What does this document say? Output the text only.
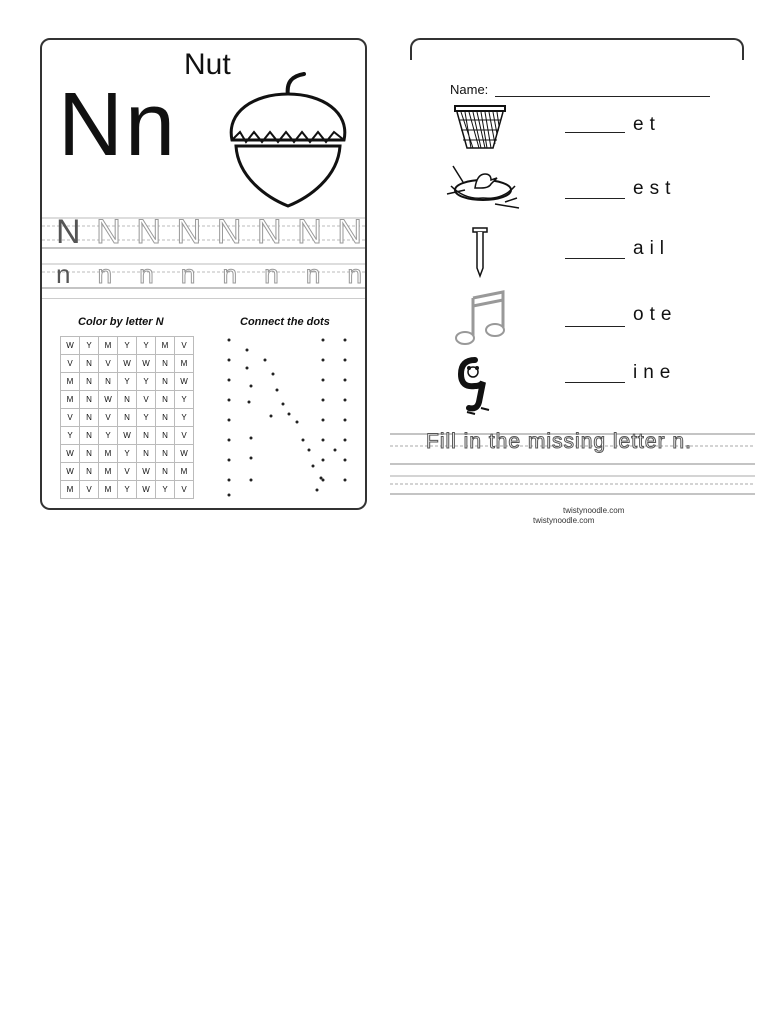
Nut
Nn
N N N N N N N N
n n n n n n n n
Color by letter N	Connect the dots
W	Y	M	Y	Y	M	V
V	N	V	W	W	N	M
M	N	N	Y	Y	N	W
M	N	W	N	V	N	Y
V	N	V	N	Y	N	Y
Y	N	Y	W	N	N	V
W	N	M	Y	N	N	W
W	N	M	V	W	N	M
M	V	M	Y	W	Y	V
Name:
et
est
ail
ote
ine
Fill in the missing letter n.
twistynoodle.com
twistynoodle.com
